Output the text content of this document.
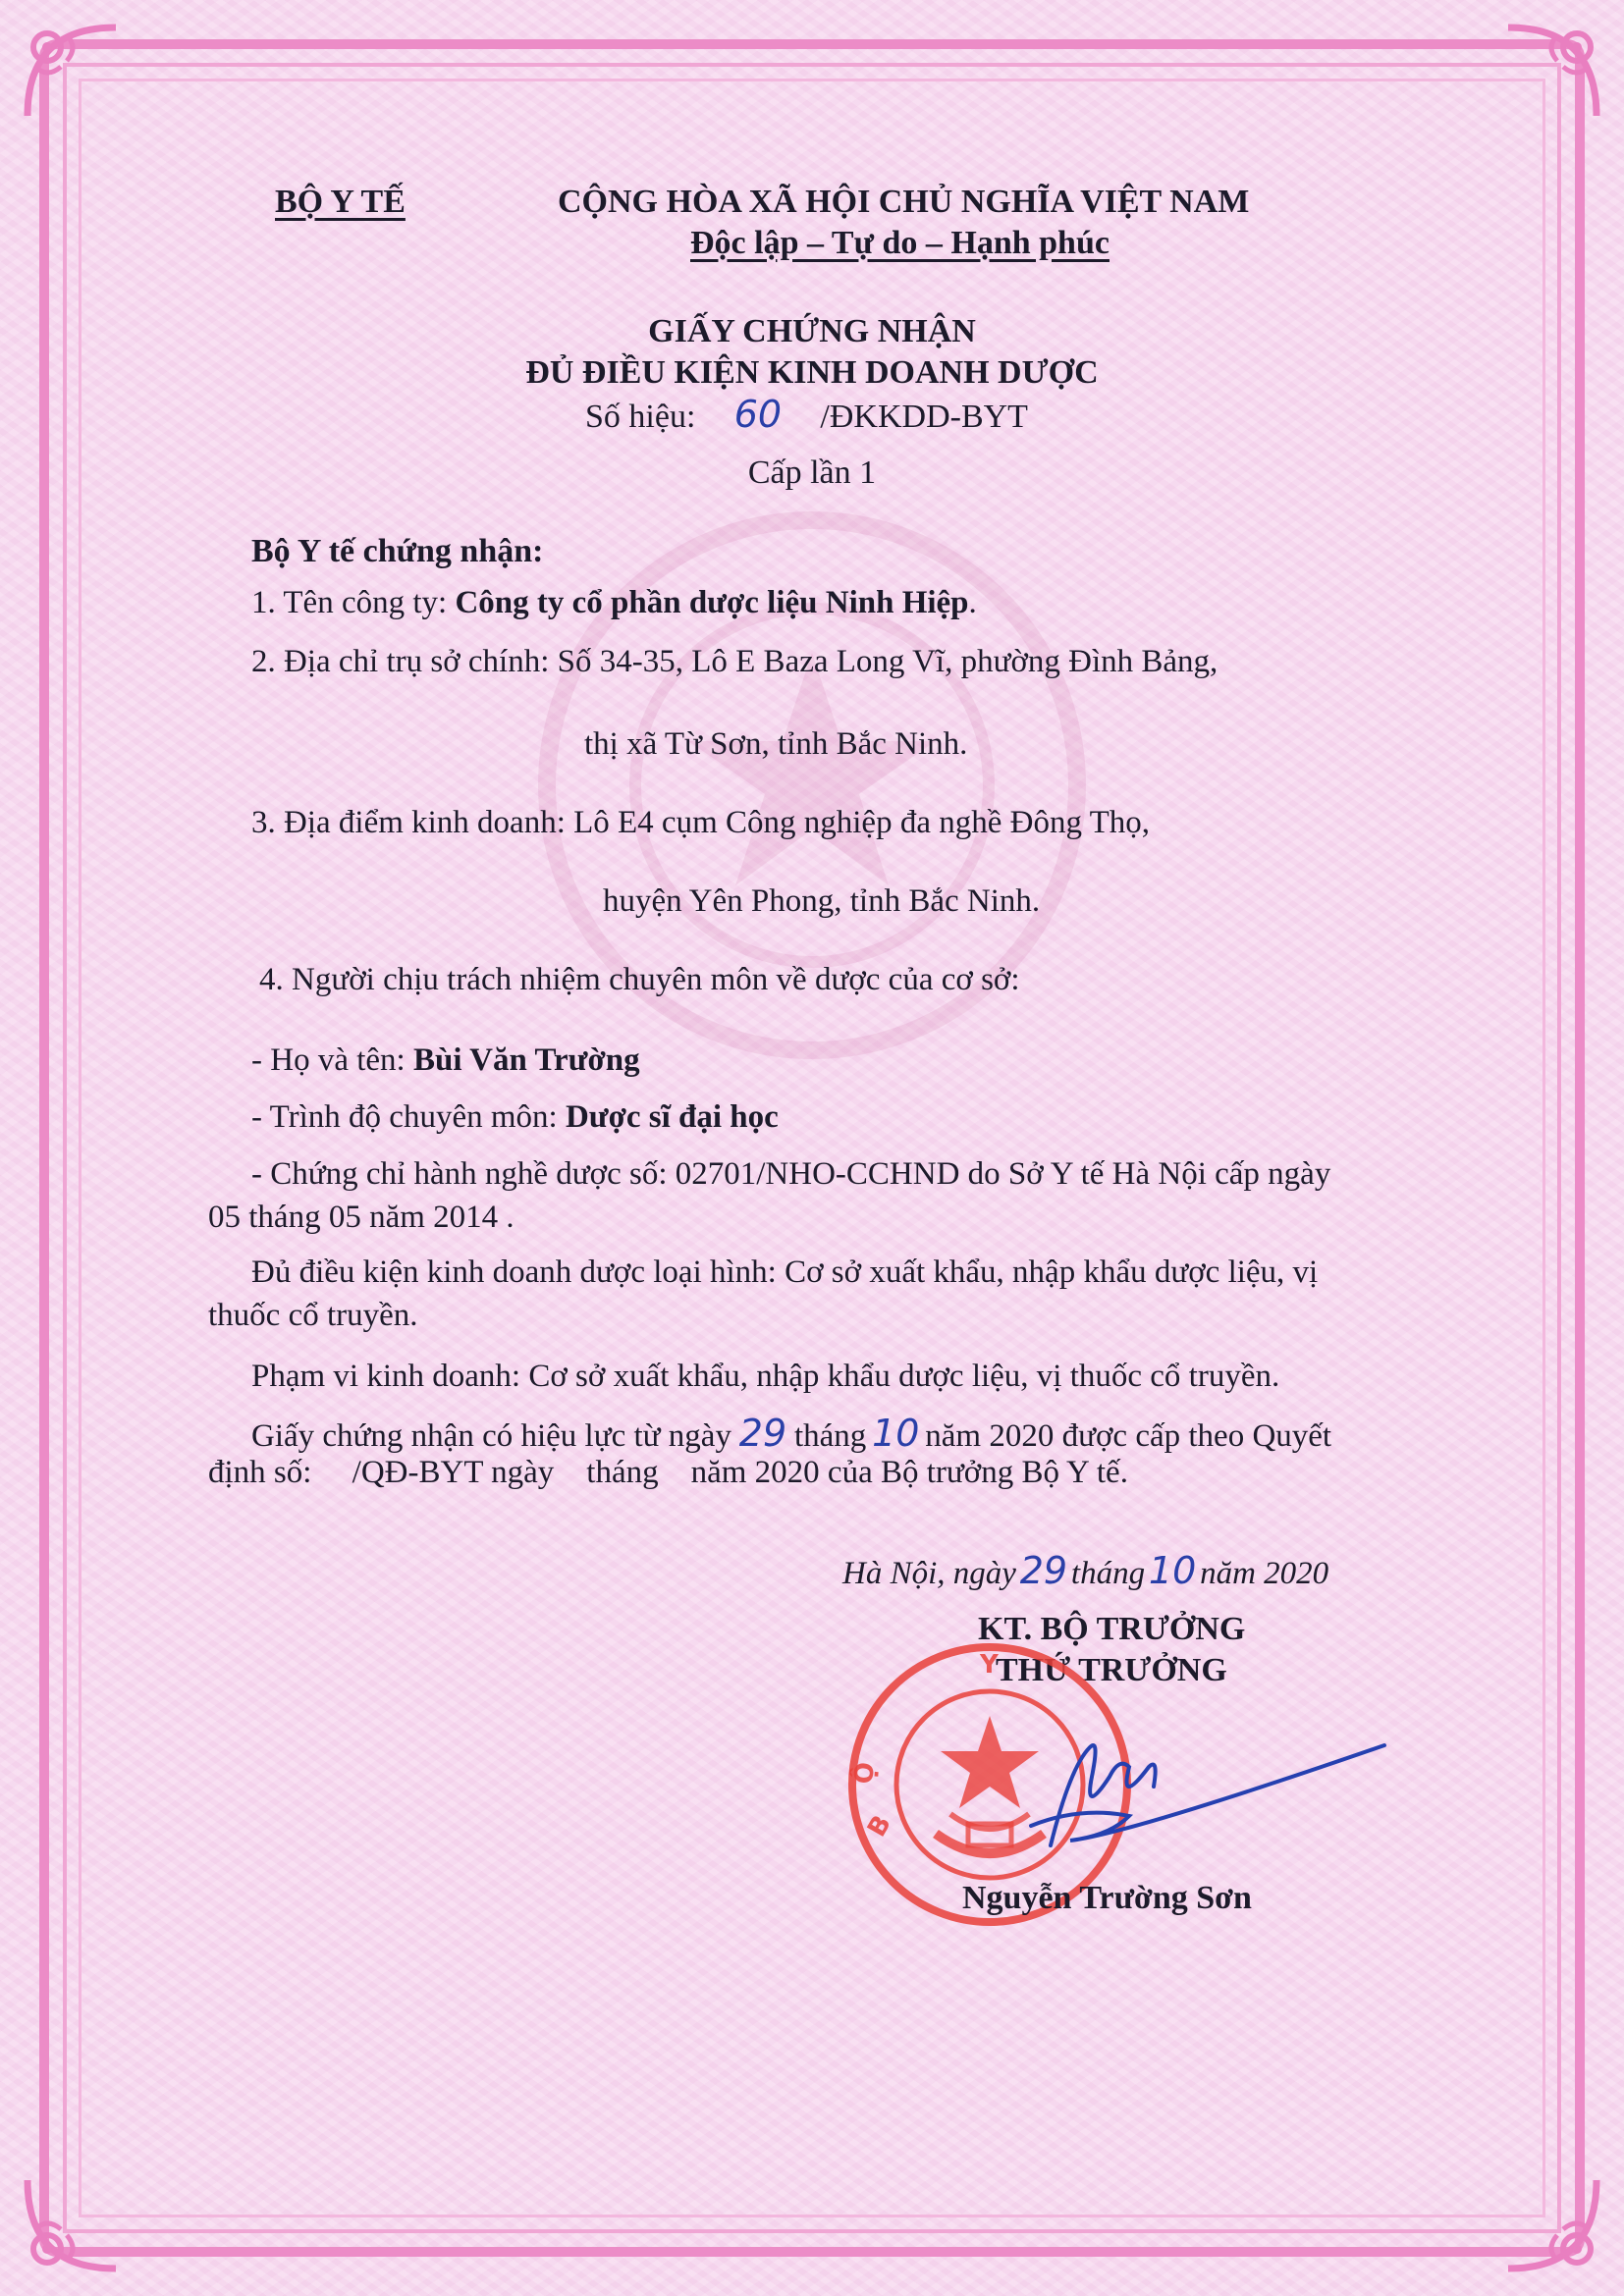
BỘ Y TẾ	CỘNG HÒA XÃ HỘI CHỦ NGHĨA VIỆT NAM
Độc lập – Tự do – Hạnh phúc
GIẤY CHỨNG NHẬN
ĐỦ ĐIỀU KIỆN KINH DOANH DƯỢC
Số hiệu: 60 /ĐKKDD-BYT
Cấp lần 1
Bộ Y tế chứng nhận:
1. Tên công ty: Công ty cổ phần dược liệu Ninh Hiệp.
2. Địa chỉ trụ sở chính: Số 34-35, Lô E Baza Long Vĩ, phường Đình Bảng,
thị xã Từ Sơn, tỉnh Bắc Ninh.
3. Địa điểm kinh doanh: Lô E4 cụm Công nghiệp đa nghề Đông Thọ,
huyện Yên Phong, tỉnh Bắc Ninh.
4. Người chịu trách nhiệm chuyên môn về dược của cơ sở:
- Họ và tên: Bùi Văn Trường
- Trình độ chuyên môn: Dược sĩ đại học
- Chứng chỉ hành nghề dược số: 02701/NHO-CCHND do Sở Y tế Hà Nội cấp ngày
05 tháng 05 năm 2014 .
Đủ điều kiện kinh doanh dược loại hình: Cơ sở xuất khẩu, nhập khẩu dược liệu, vị
thuốc cổ truyền.
Phạm vi kinh doanh: Cơ sở xuất khẩu, nhập khẩu dược liệu, vị thuốc cổ truyền.
Giấy chứng nhận có hiệu lực từ ngày 29 tháng 10 năm 2020 được cấp theo Quyết
định số:     /QĐ-BYT ngày    tháng    năm 2020 của Bộ trưởng Bộ Y tế.
Hà Nội, ngày 29 tháng 10 năm 2020
KT. BỘ TRƯỞNG
THỨ TRƯỞNG
B
Ộ
Y
Nguyễn Trường Sơn
